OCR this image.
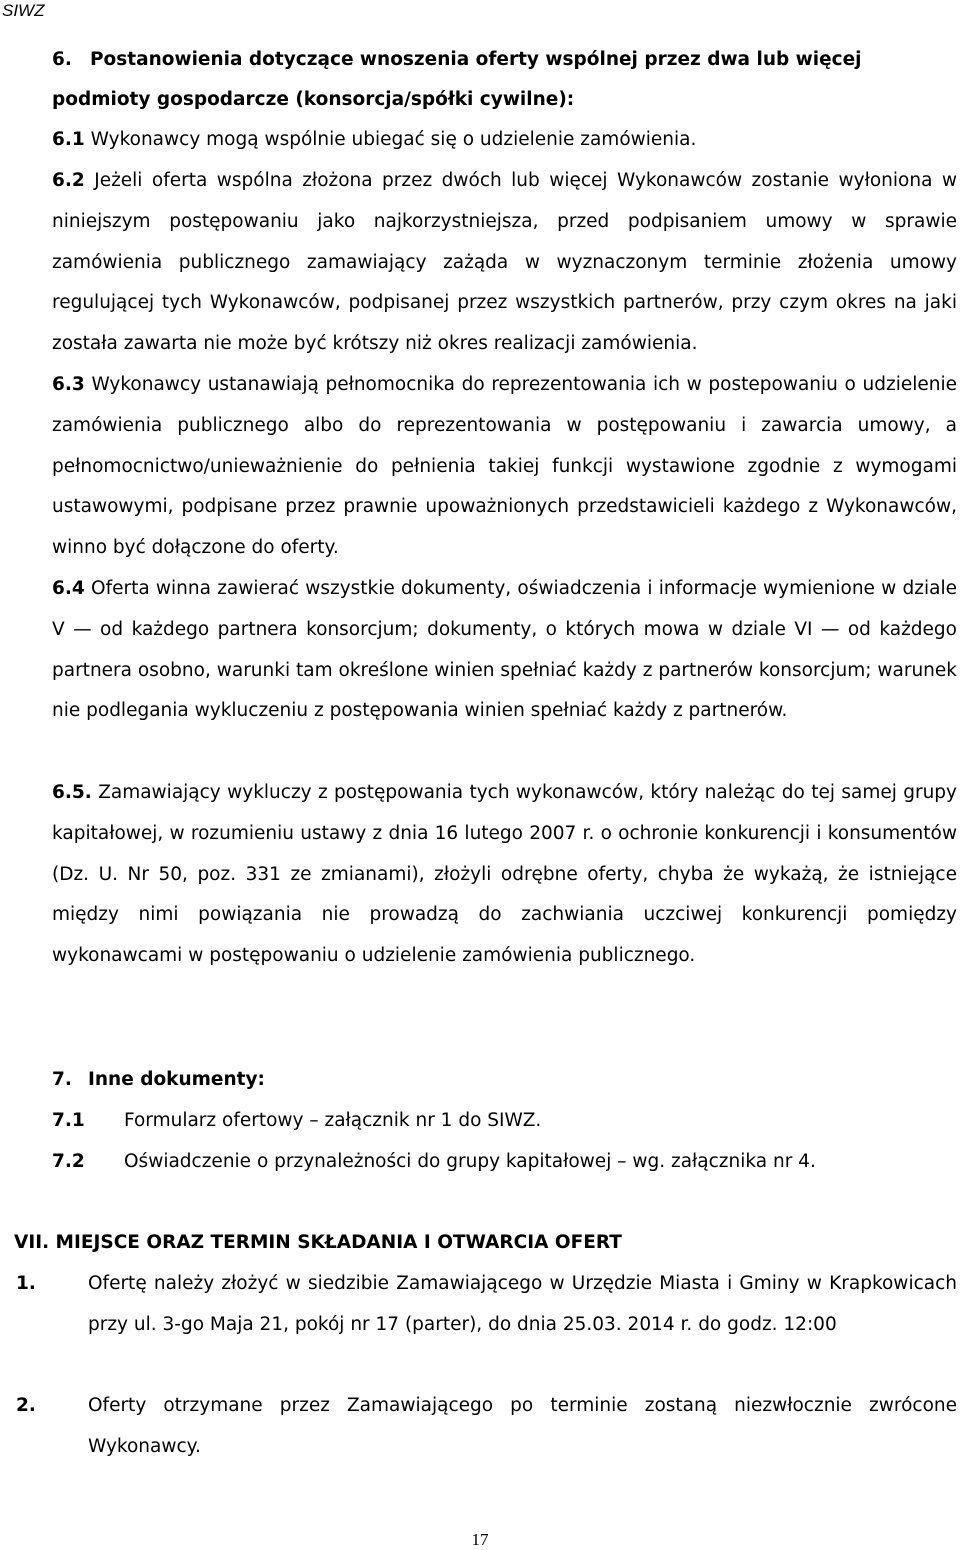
SIWZ
6. Postanowienia dotyczące wnoszenia oferty wspólnej przez dwa lub więcej podmioty gospodarcze (konsorcja/spółki cywilne):

6.1 Wykonawcy mogą wspólnie ubiegać się o udzielenie zamówienia.

6.2 Jeżeli oferta wspólna złożona przez dwóch lub więcej Wykonawców zostanie wyłoniona w niniejszym postępowaniu jako najkorzystniejsza, przed podpisaniem umowy w sprawie zamówienia publicznego zamawiający zażąda w wyznaczonym terminie złożenia umowy regulującej tych Wykonawców, podpisanej przez wszystkich partnerów, przy czym okres na jaki została zawarta nie może być krótszy niż okres realizacji zamówienia.

6.3 Wykonawcy ustanawiają pełnomocnika do reprezentowania ich w postepowaniu o udzielenie zamówienia publicznego albo do reprezentowania w postępowaniu i zawarcia umowy, a pełnomocnictwo/unieważnienie do pełnienia takiej funkcji wystawione zgodnie z wymogami ustawowymi, podpisane przez prawnie upoważnionych przedstawicieli każdego z Wykonawców, winno być dołączone do oferty.

6.4 Oferta winna zawierać wszystkie dokumenty, oświadczenia i informacje wymienione w dziale V — od każdego partnera konsorcjum; dokumenty, o których mowa w dziale VI — od każdego partnera osobno, warunki tam określone winien spełniać każdy z partnerów konsorcjum; warunek nie podlegania wykluczeniu z postępowania winien spełniać każdy z partnerów.

6.5. Zamawiający wykluczy z postępowania tych wykonawców, który należąc do tej samej grupy kapitałowej, w rozumieniu ustawy z dnia 16 lutego 2007 r. o ochronie konkurencji i konsumentów (Dz. U. Nr 50, poz. 331 ze zmianami), złożyli odrębne oferty, chyba że wykażą, że istniejące między nimi powiązania nie prowadzą do zachwiania uczciwej konkurencji pomiędzy wykonawcami w postępowaniu o udzielenie zamówienia publicznego.

7. Inne dokumenty:
7.1 Formularz ofertowy – załącznik nr 1 do SIWZ.
7.2 Oświadczenie o przynależności do grupy kapitałowej – wg. załącznika nr 4.
VII. MIEJSCE ORAZ TERMIN SKŁADANIA I OTWARCIA OFERT

1.	Ofertę należy złożyć w siedzibie Zamawiającego w Urzędzie Miasta i Gminy w Krapkowicach przy ul. 3-go Maja 21, pokój nr 17 (parter), do dnia 25.03. 2014 r. do godz. 12:00

2.	Oferty otrzymane przez Zamawiającego po terminie zostaną niezwłocznie zwrócone Wykonawcy.

17
